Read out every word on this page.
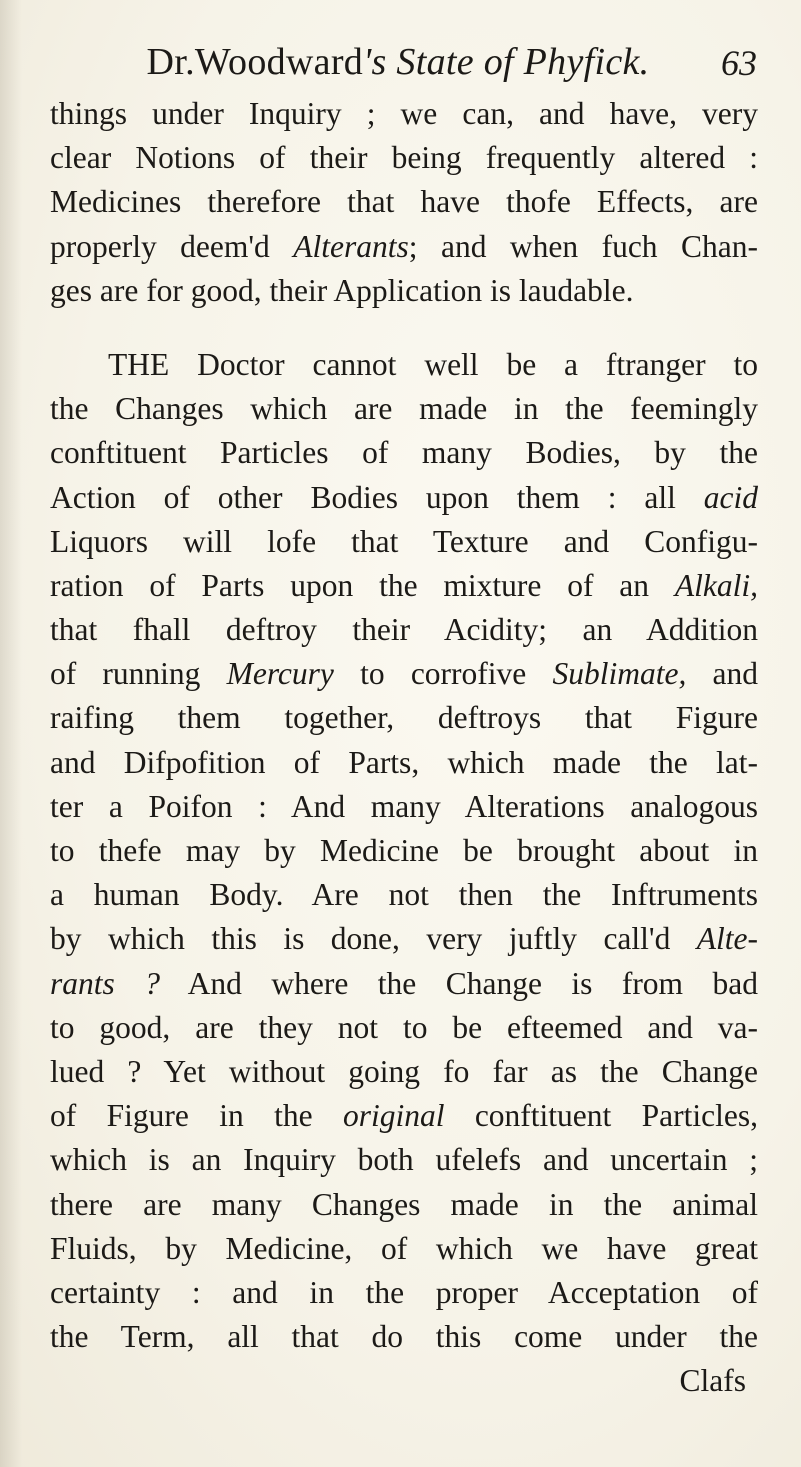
Dr.Woodward's State of Phyfick.	63
things under Inquiry ; we can, and have, very
clear Notions of their being frequently altered :
Medicines therefore that have thofe Effects, are
properly deem'd Alterants; and when fuch Chan-
ges are for good, their Application is laudable.
THE Doctor cannot well be a ftranger to
the Changes which are made in the feemingly
conftituent Particles of many Bodies, by the
Action of other Bodies upon them : all acid
Liquors will lofe that Texture and Configu-
ration of Parts upon the mixture of an Alkali,
that fhall deftroy their Acidity; an Addition
of running Mercury to corrofive Sublimate, and
raifing them together, deftroys that Figure
and Difpofition of Parts, which made the lat-
ter a Poifon : And many Alterations analogous
to thefe may by Medicine be brought about in
a human Body. Are not then the Inftruments
by which this is done, very juftly call'd Alte-
rants ? And where the Change is from bad
to good, are they not to be efteemed and va-
lued ? Yet without going fo far as the Change
of Figure in the original conftituent Particles,
which is an Inquiry both ufelefs and uncertain ;
there are many Changes made in the animal
Fluids, by Medicine, of which we have great
certainty : and in the proper Acceptation of
the Term, all that do this come under the
Clafs
